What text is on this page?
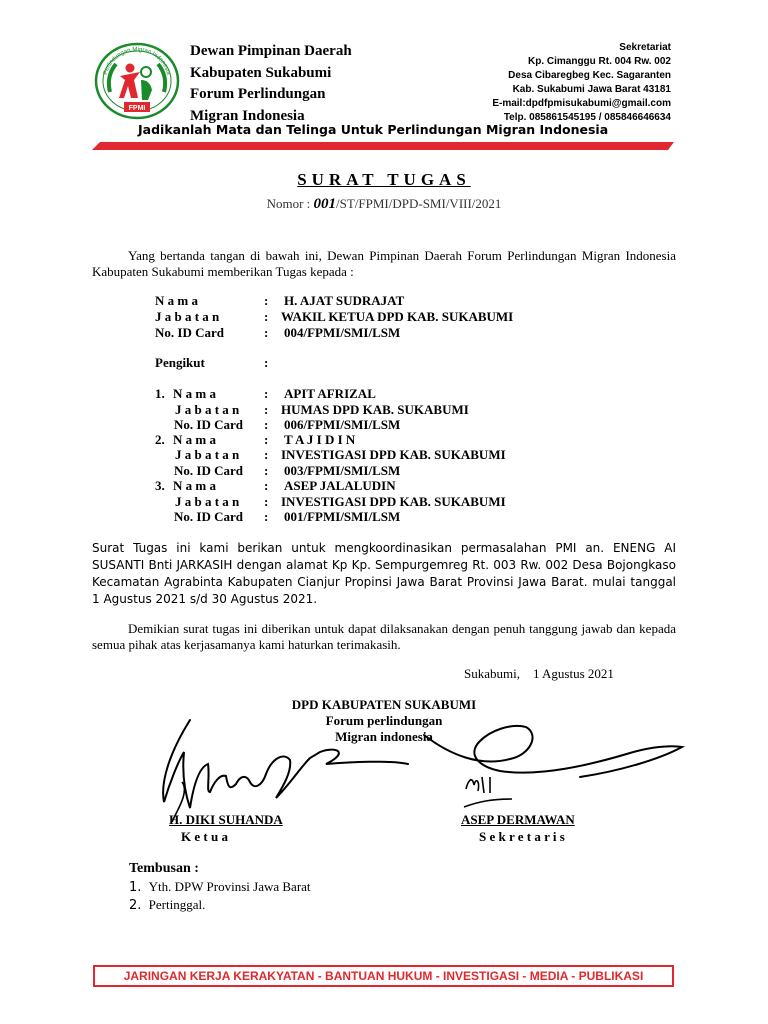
Perlindungan Migran Indonesia
FPMI
Dewan Pimpinan Daerah
Kabupaten Sukabumi
Forum Perlindungan
Migran Indonesia
Sekretariat
Kp. Cimanggu Rt. 004 Rw. 002
Desa Cibaregbeg Kec. Sagaranten
Kab. Sukabumi Jawa Barat 43181
E-mail:dpdfpmisukabumi@gmail.com
Telp. 085861545195 / 085846646634
Jadikanlah Mata dan Telinga Untuk Perlindungan Migran Indonesia
SURAT TUGAS
Nomor : 001/ST/FPMI/DPD-SMI/VIII/2021
Yang bertanda tangan di bawah ini, Dewan Pimpinan Daerah Forum Perlindungan Migran Indonesia Kabupaten Sukabumi memberikan Tugas kepada :
N a m a	: H. AJAT SUDRAJAT
J a b a t a n	: WAKIL KETUA DPD KAB. SUKABUMI
No. ID Card	: 004/FPMI/SMI/LSM
Pengikut	:
1. N a m a	: APIT AFRIZAL
J a b a t a n : HUMAS DPD KAB. SUKABUMI
No. ID Card : 006/FPMI/SMI/LSM
2. N a m a	: T A J I D I N
J a b a t a n : INVESTIGASI DPD KAB. SUKABUMI
No. ID Card : 003/FPMI/SMI/LSM
3. N a m a	: ASEP JALALUDIN
J a b a t a n : INVESTIGASI DPD KAB. SUKABUMI
No. ID Card : 001/FPMI/SMI/LSM
Surat Tugas ini kami berikan untuk mengkoordinasikan permasalahan PMI an. ENENG AI SUSANTI Bnti JARKASIH dengan alamat Kp Kp. Sempurgemreg Rt. 003 Rw. 002 Desa Bojongkaso Kecamatan Agrabinta Kabupaten Cianjur Propinsi Jawa Barat Provinsi Jawa Barat. mulai tanggal 1 Agustus 2021 s/d 30 Agustus 2021.
Demikian surat tugas ini diberikan untuk dapat dilaksanakan dengan penuh tanggung jawab dan kepada semua pihak atas kerjasamanya kami haturkan terimakasih.
Sukabumi,    1 Agustus 2021
DPD KABUPATEN SUKABUMI
Forum perlindungan
Migran indonesia
H. DIKI SUHANDA
K e t u a
ASEP DERMAWAN
S e k r e t a r i s
Tembusan :
1. Yth. DPW Provinsi Jawa Barat
2. Pertinggal.
JARINGAN KERJA KERAKYATAN - BANTUAN HUKUM - INVESTIGASI - MEDIA - PUBLIKASI
